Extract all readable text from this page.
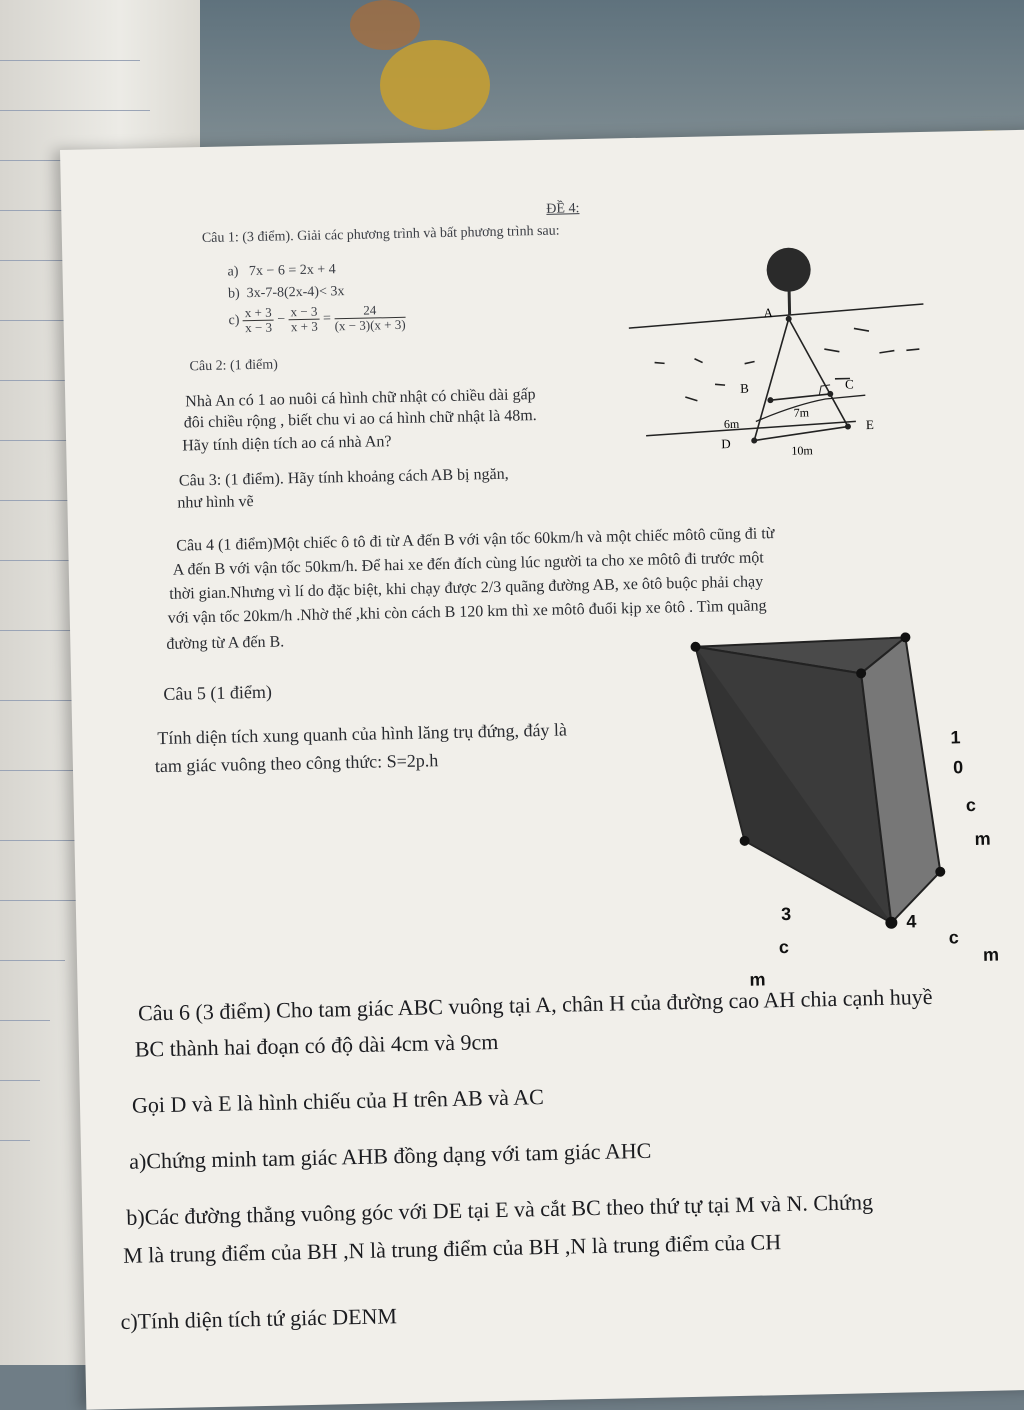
ĐỀ 4:
Câu 1: (3 điểm). Giải các phương trình và bất phương trình sau:
a) 7x − 6 = 2x + 4
b) 3x-7-8(2x-4)< 3x
$c) \frac{x + 3}{x - 3} - \frac{x - 3}{x + 3} = \frac{24}{(x - 3)(x + 3)}$
Câu 2: (1 điểm)
Nhà An có 1 ao nuôi cá hình chữ nhật có chiều dài gấp
đôi chiều rộng , biết chu vi ao cá hình chữ nhật là 48m.
Hãy tính diện tích ao cá nhà An?
Câu 3: (1 điểm). Hãy tính khoảng cách AB bị ngăn,
như hình vẽ
A
B	C
D
E
7m
6m
10m
Câu 4 (1 điểm)Một chiếc ô tô đi từ A đến B với vận tốc 60km/h và một chiếc môtô cũng đi từ
A đến B với vận tốc 50km/h. Để hai xe đến đích cùng lúc người ta cho xe môtô đi trước một
thời gian.Nhưng vì lí do đặc biệt, khi chạy được 2/3 quãng đường AB, xe ôtô buộc phải chạy
với vận tốc 20km/h .Nhờ thế ,khi còn cách B 120 km thì xe môtô đuổi kịp xe ôtô . Tìm quãng
đường từ A đến B.
Câu 5 (1 điểm)
Tính diện tích xung quanh của hình lăng trụ đứng, đáy là
tam giác vuông theo công thức: S=2p.h
1
0
c
m
3
c
m
4
c
m
Câu 6 (3 điểm) Cho tam giác ABC vuông tại A, chân H của đường cao AH chia cạnh huyề
BC thành hai đoạn có độ dài 4cm và 9cm
Gọi D và E là hình chiếu của H trên AB và AC
a)Chứng minh tam giác AHB đồng dạng với tam giác AHC
b)Các đường thẳng vuông góc với DE tại E và cắt BC theo thứ tự tại M và N. Chứng
M là trung điểm của BH ,N là trung điểm của BH ,N là trung điểm của CH
c)Tính diện tích tứ giác DENM
